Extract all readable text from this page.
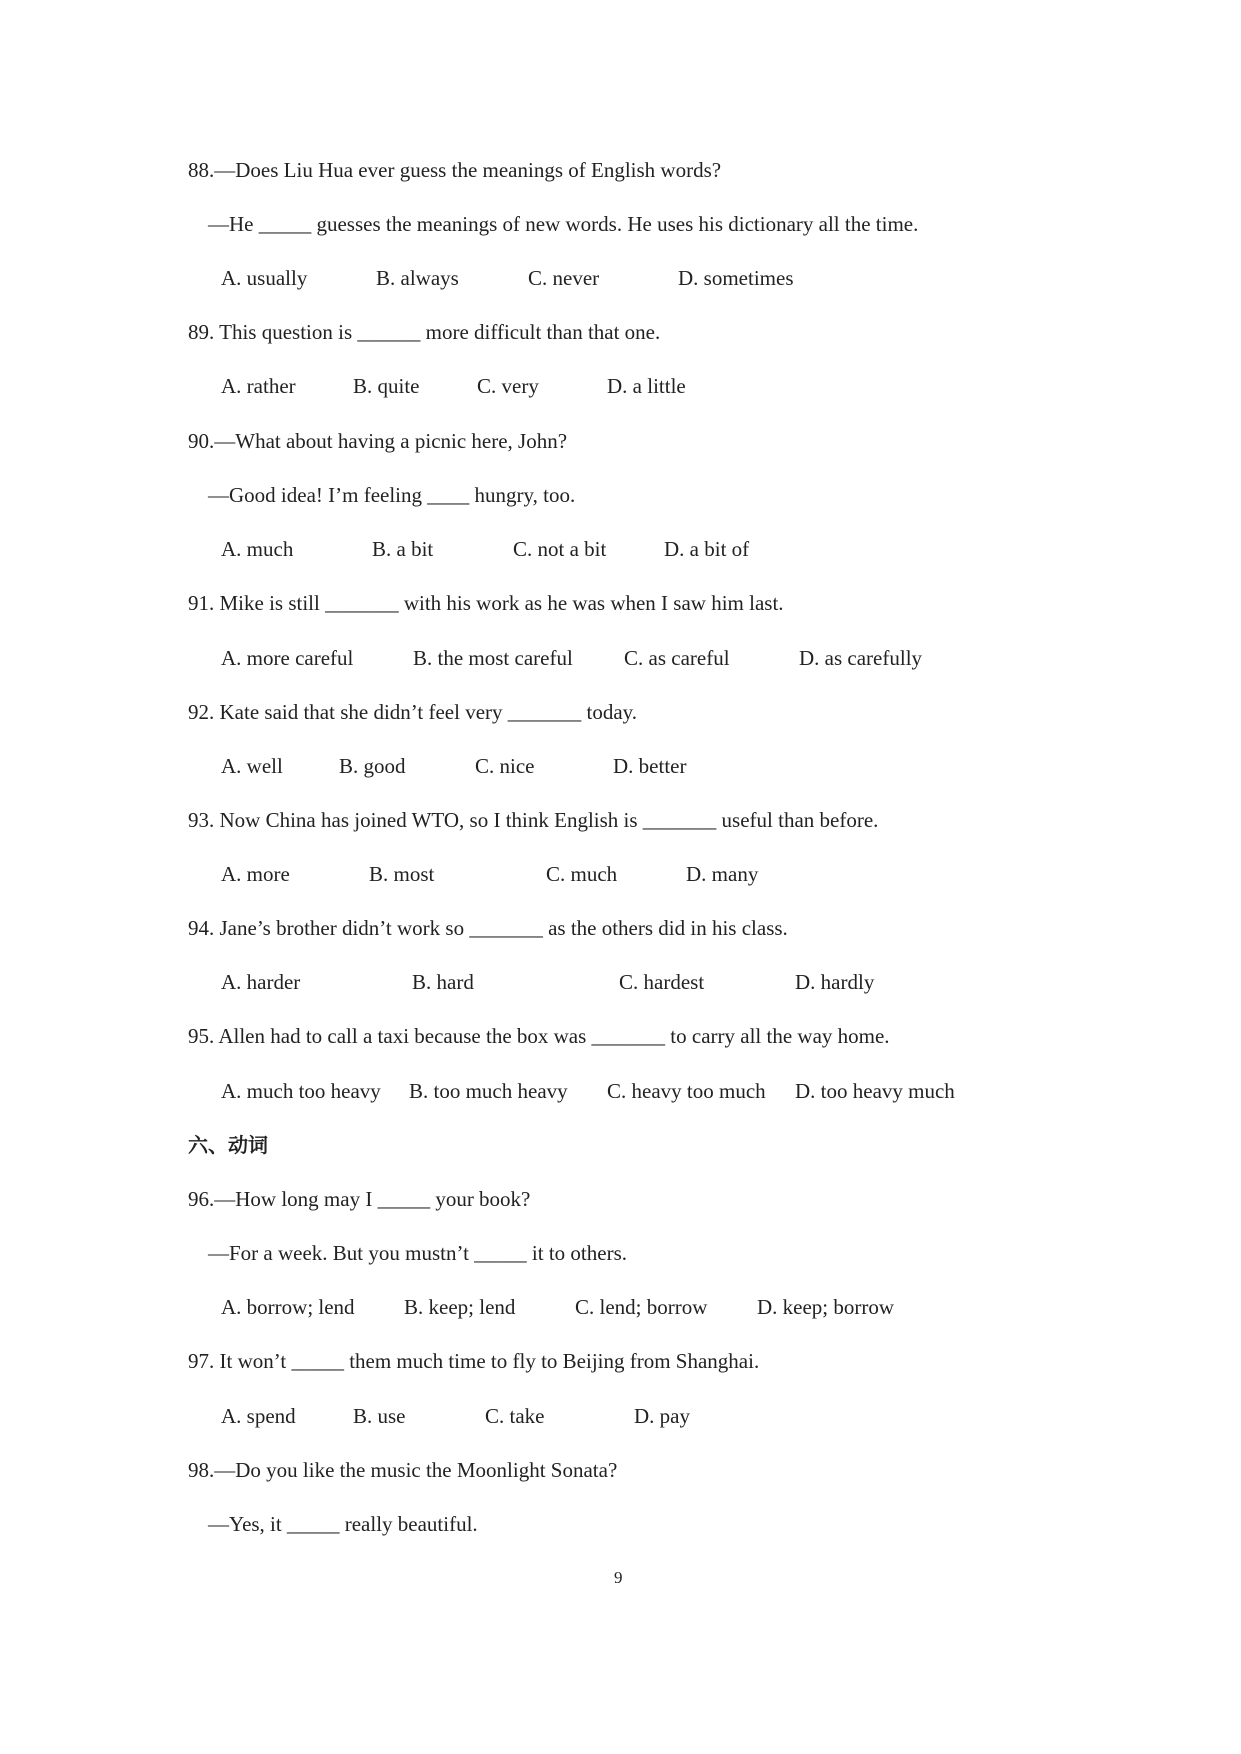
88.—Does Liu Hua ever guess the meanings of English words?
—He _____ guesses the meanings of new words. He uses his dictionary all the time.
A. usually	B. always	C. never	D. sometimes
89. This question is ______ more difficult than that one.
A. rather	B. quite	C. very	D. a little
90.—What about having a picnic here, John?
—Good idea! I’m feeling ____ hungry, too.
A. much	B. a bit	C. not a bit	D. a bit of
91. Mike is still _______ with his work as he was when I saw him last.
A. more careful	B. the most careful C. as careful	D. as carefully
92. Kate said that she didn’t feel very _______ today.
A. well	B. good	C. nice	D. better
93. Now China has joined WTO, so I think English is _______ useful than before.
A. more	B. most	C. much	D. many
94. Jane’s brother didn’t work so _______ as the others did in his class.
A. harder	B. hard	C. hardest	D. hardly
95. Allen had to call a taxi because the box was _______ to carry all the way home.
A. much too heavy B. too much heavy C. heavy too much D. too heavy much
六、动词
96.—How long may I _____ your book?
—For a week. But you mustn’t _____ it to others.
A. borrow; lend B. keep; lend	C. lend; borrow D. keep; borrow
97. It won’t _____ them much time to fly to Beijing from Shanghai.
A. spend	B. use	C. take	D. pay
98.—Do you like the music the Moonlight Sonata?
—Yes, it _____ really beautiful.
9
